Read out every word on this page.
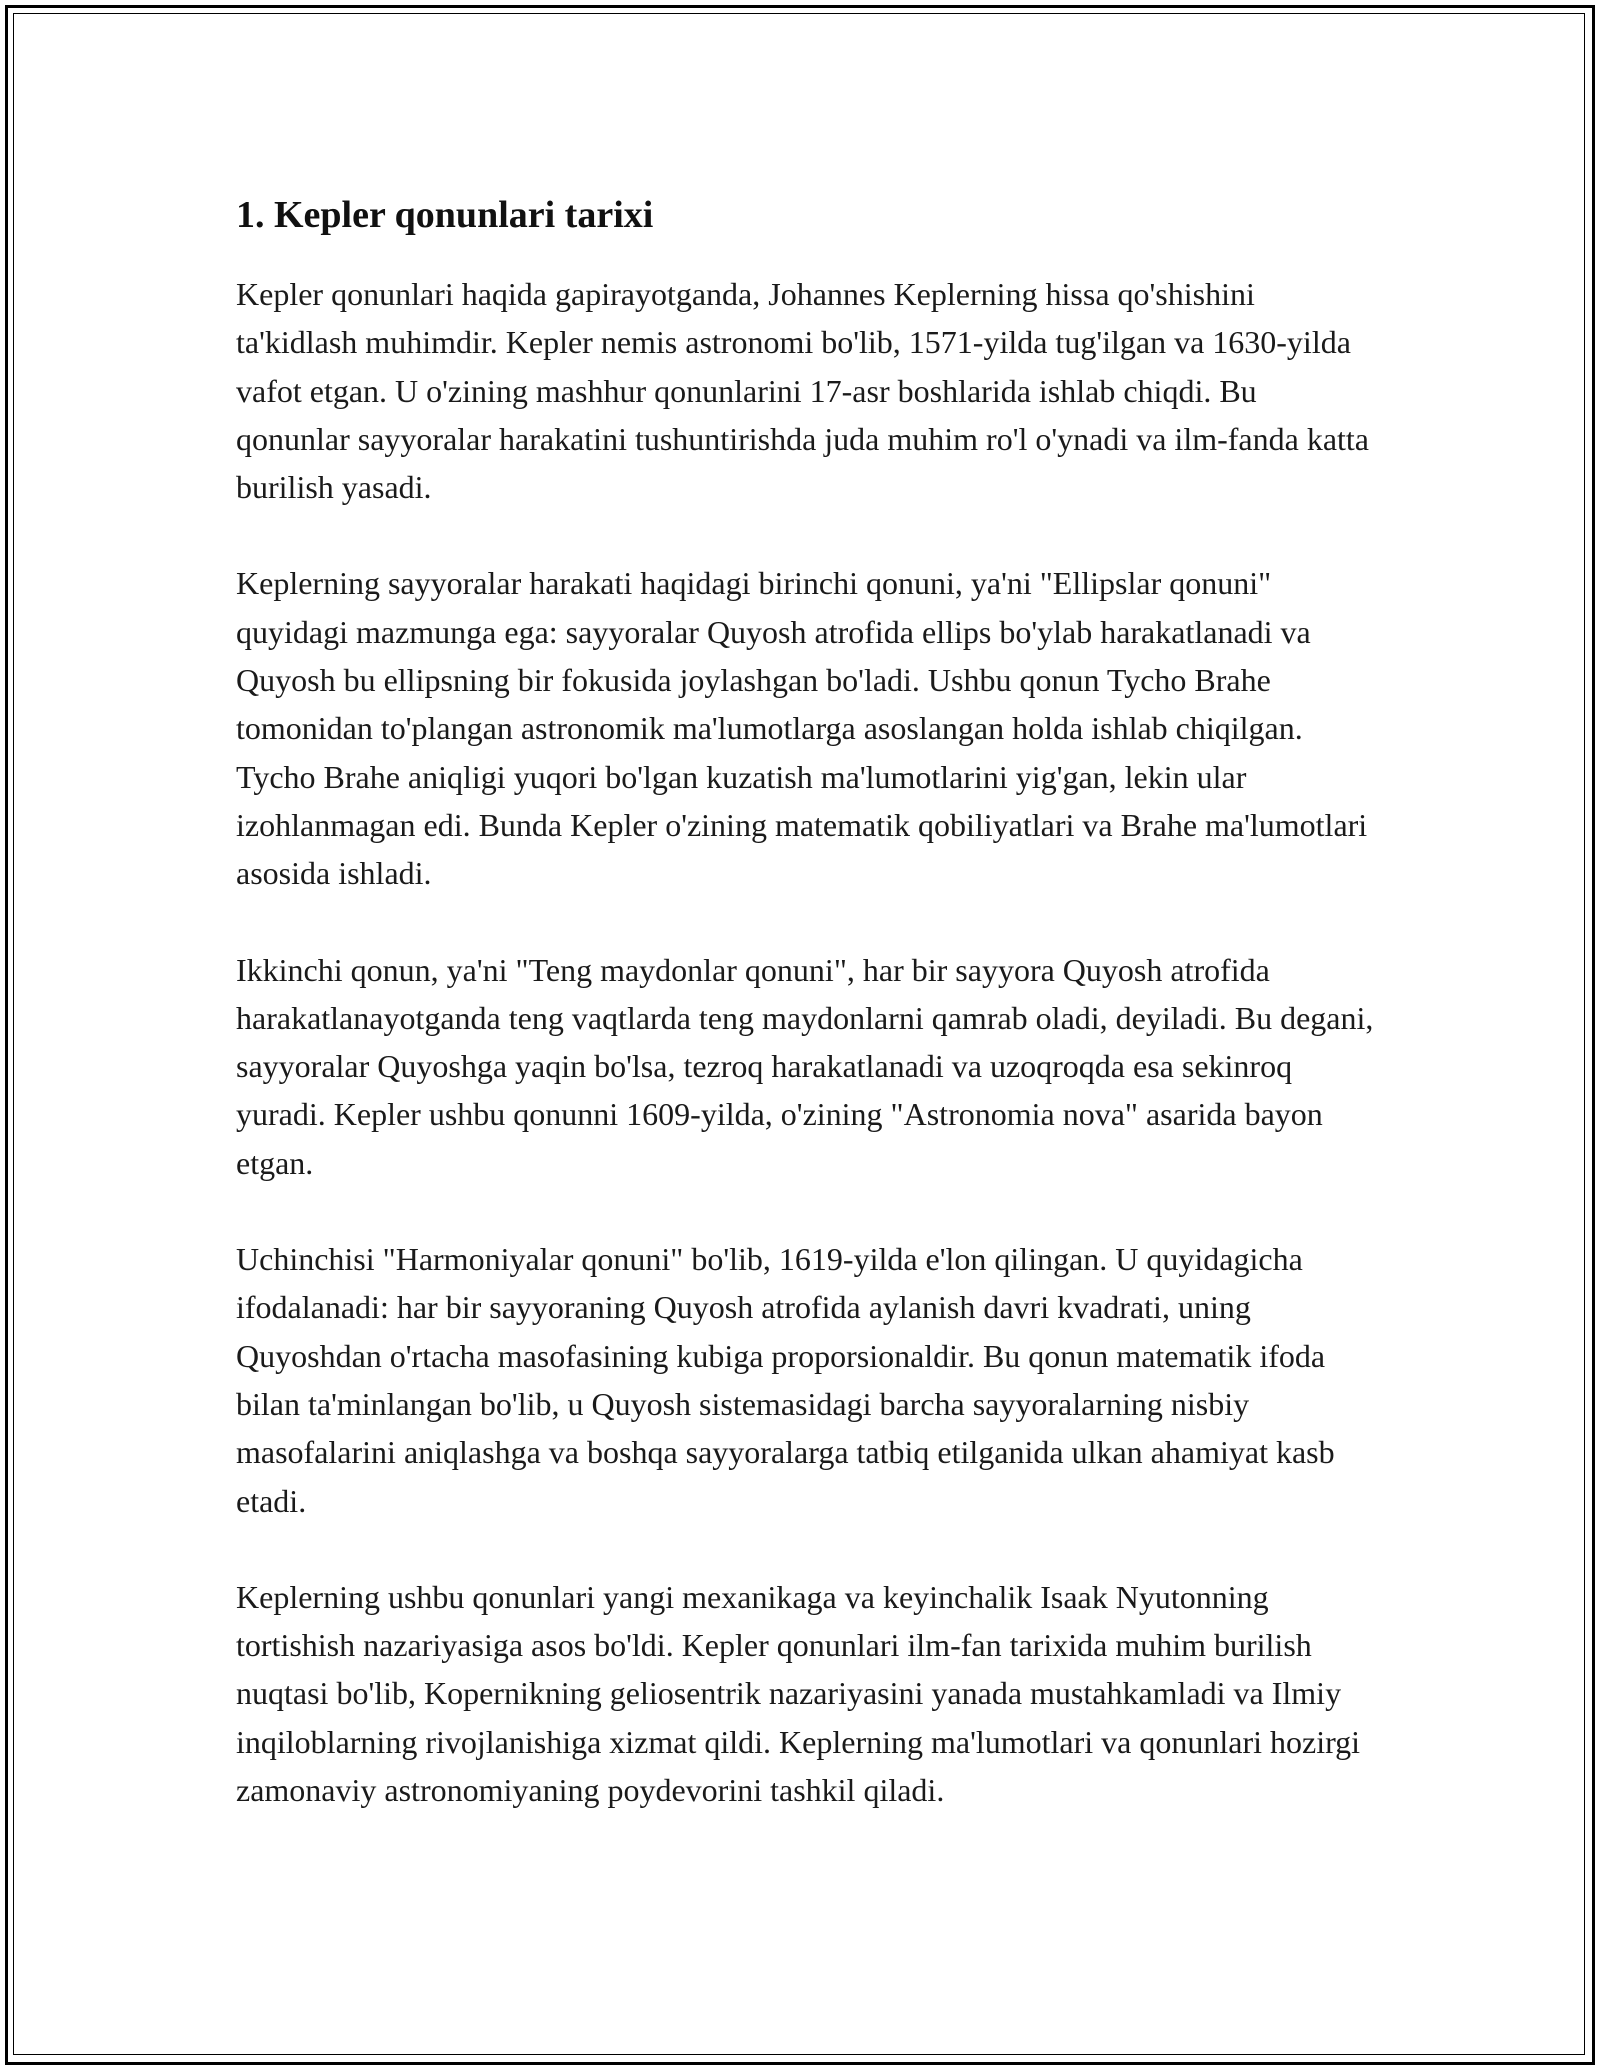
1. Kepler qonunlari tarixi

Kepler qonunlari haqida gapirayotganda, Johannes Keplerning hissa qo'shishini ta'kidlash muhimdir. Kepler nemis astronomi bo'lib, 1571-yilda tug'ilgan va 1630-yilda vafot etgan. U o'zining mashhur qonunlarini 17-asr boshlarida ishlab chiqdi. Bu qonunlar sayyoralar harakatini tushuntirishda juda muhim ro'l o'ynadi va ilm-fanda katta burilish yasadi.

Keplerning sayyoralar harakati haqidagi birinchi qonuni, ya'ni "Ellipslar qonuni" quyidagi mazmunga ega: sayyoralar Quyosh atrofida ellips bo'ylab harakatlanadi va Quyosh bu ellipsning bir fokusida joylashgan bo'ladi. Ushbu qonun Tycho Brahe tomonidan to'plangan astronomik ma'lumotlarga asoslangan holda ishlab chiqilgan. Tycho Brahe aniqligi yuqori bo'lgan kuzatish ma'lumotlarini yig'gan, lekin ular izohlanmagan edi. Bunda Kepler o'zining matematik qobiliyatlari va Brahe ma'lumotlari asosida ishladi.

Ikkinchi qonun, ya'ni "Teng maydonlar qonuni", har bir sayyora Quyosh atrofida harakatlanayotganda teng vaqtlarda teng maydonlarni qamrab oladi, deyiladi. Bu degani, sayyoralar Quyoshga yaqin bo'lsa, tezroq harakatlanadi va uzoqroqda esa sekinroq yuradi. Kepler ushbu qonunni 1609-yilda, o'zining "Astronomia nova" asarida bayon etgan.

Uchinchisi "Harmoniyalar qonuni" bo'lib, 1619-yilda e'lon qilingan. U quyidagicha ifodalanadi: har bir sayyoraning Quyosh atrofida aylanish davri kvadrati, uning Quyoshdan o'rtacha masofasining kubiga proporsionaldir. Bu qonun matematik ifoda bilan ta'minlangan bo'lib, u Quyosh sistemasidagi barcha sayyoralarning nisbiy masofalarini aniqlashga va boshqa sayyoralarga tatbiq etilganida ulkan ahamiyat kasb etadi.

Keplerning ushbu qonunlari yangi mexanikaga va keyinchalik Isaak Nyutonning tortishish nazariyasiga asos bo'ldi. Kepler qonunlari ilm-fan tarixida muhim burilish nuqtasi bo'lib, Kopernikning geliosentrik nazariyasini yanada mustahkamladi va Ilmiy inqiloblarning rivojlanishiga xizmat qildi. Keplerning ma'lumotlari va qonunlari hozirgi zamonaviy astronomiyaning poydevorini tashkil qiladi.
